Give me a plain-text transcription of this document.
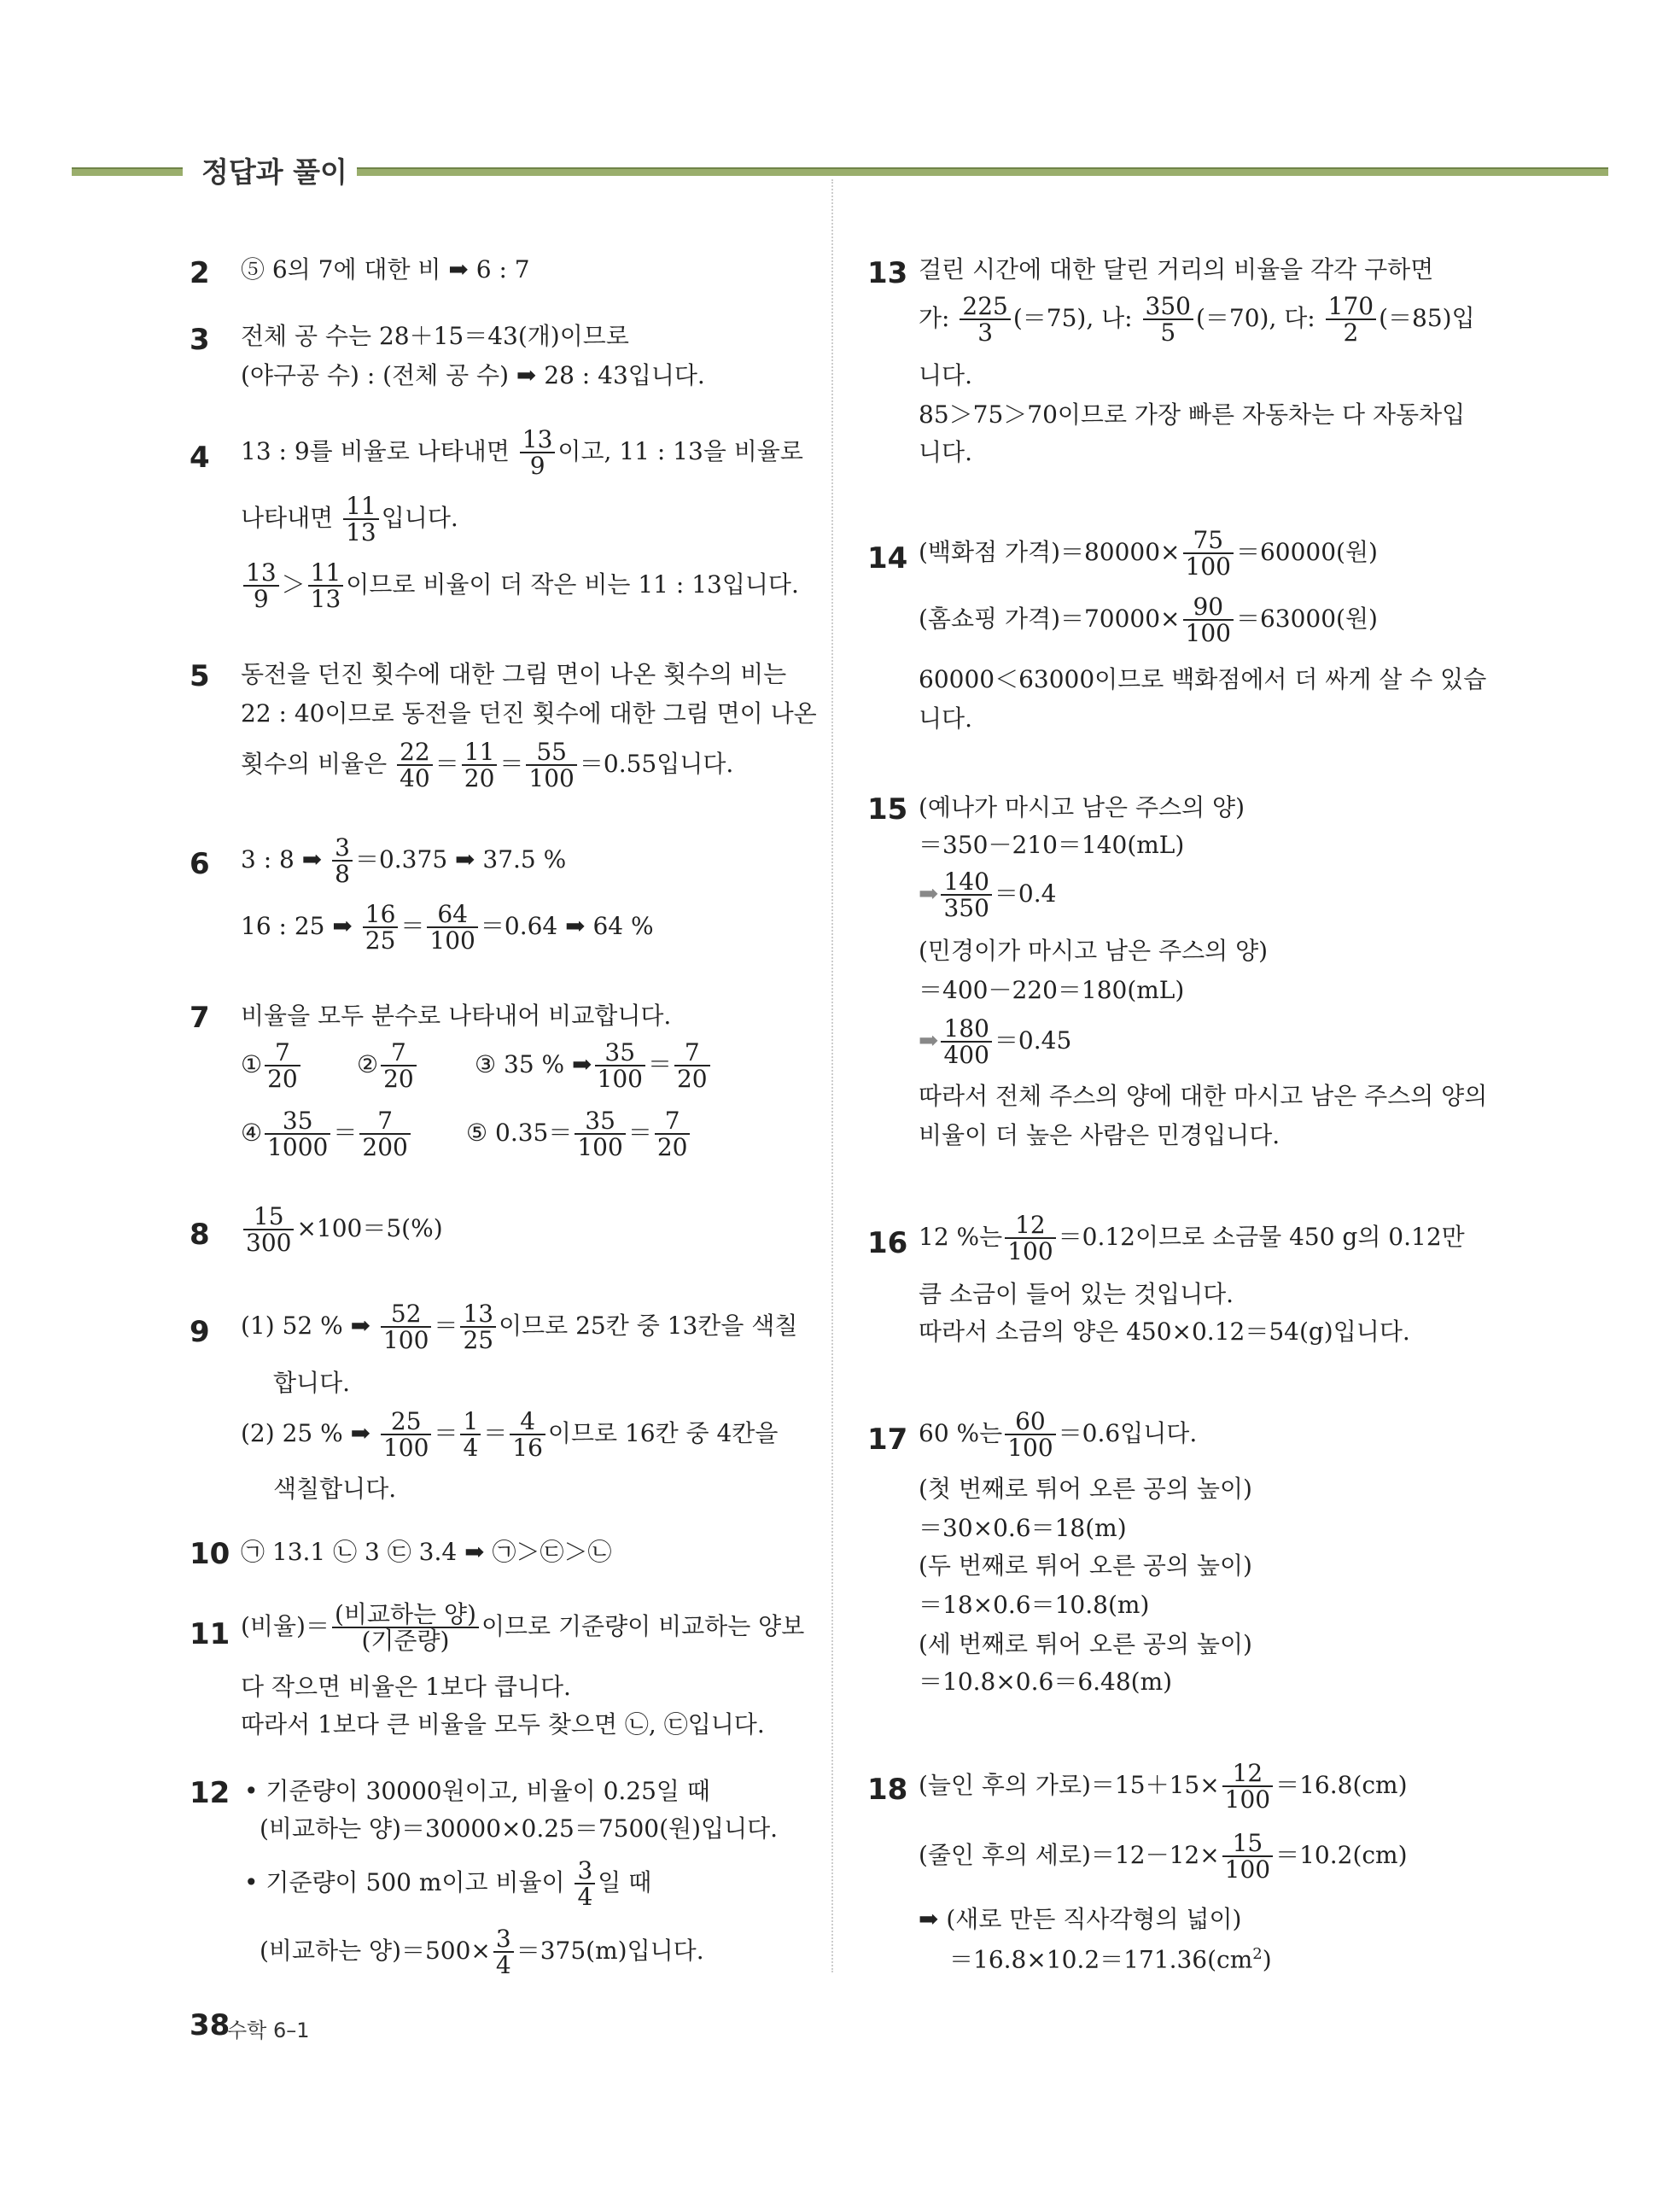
정답과 풀이
2 ⑤ 6의 7에 대한 비 ➡ 6 : 7
3 전체 공 수는 28＋15＝43(개)이므로
(야구공 수) : (전체 공 수) ➡ 28 : 43입니다.
4 13 : 9를 비율로 나타내면 $\frac{13}{9}$ 이고, 11 : 13을 비율로
나타내면 $\frac{11}{13}$ 입니다.
$\frac{13}{9} > \frac{11}{13}$ 이므로 비율이 더 작은 비는 11 : 13입니다.
5 동전을 던진 횟수에 대한 그림 면이 나온 횟수의 비는
22 : 40이므로 동전을 던진 횟수에 대한 그림 면이 나온
횟수의 비율은 $\frac{22}{40} = \frac{11}{20} = \frac{55}{100} =0.55$입니다.
6 3 : 8 ➡ $\frac{3}{8} =0.375$ ➡ 37.5 %
16 : 25 ➡ $\frac{16}{25} = \frac{64}{100} =0.64$ ➡ 64 %
7 비율을 모두 분수로 나타내어 비교합니다.
① $\frac{7}{20}$ ② $\frac{7}{20}$ ③ 35 % ➡ $\frac{35}{100} = \frac{7}{20}$
④ $\frac{35}{1000} = \frac{7}{200}$ ⑤ $0.35= \frac{35}{100} = \frac{7}{20}$
$8 \frac{15}{300} \times 100=5(\%)$
9 (1) 52 % ➡ $\frac{52}{100} = \frac{13}{25}$ 이므로 25칸 중 13칸을 색칠
합니다.
(2) 25 % ➡ $\frac{25}{100} = \frac{1}{4} = \frac{4}{16}$ 이므로 16칸 중 4칸을
색칠합니다.
10 ㉠ 13.1 ㉡ 3 ㉢ 3.4 ➡ ㉠＞㉢＞㉡
11 (비율)＝ $\frac{\text{(비교하는 양)}}{\text{(기준량)}}$ 이므로 기준량이 비교하는 양보
다 작으면 비율은 1보다 큽니다.
따라서 1보다 큰 비율을 모두 찾으면 ㉡, ㉢입니다.
12 • 기준량이 30000원이고, 비율이 0.25일 때
(비교하는 양)＝30000×0.25＝7500(원)입니다.
• 기준량이 500 m이고 비율이 $\frac{3}{4}$ 일 때
(비교하는 양)$=500\times \frac{3}{4} =375(m)$입니다.
13 걸린 시간에 대한 달린 거리의 비율을 각각 구하면
가: $\frac{225}{3} (=75)$, 나: $\frac{350}{5} (=70)$, 다: $\frac{170}{2} (=85)$입
니다.
85＞75＞70이므로 가장 빠른 자동차는 다 자동차입
니다.
14 (백화점 가격)$=80000\times \frac{75}{100} =60000$(원)
(홈쇼핑 가격)$=70000\times \frac{90}{100} =63000$(원)
60000＜63000이므로 백화점에서 더 싸게 살 수 있습
니다.
15 (예나가 마시고 남은 주스의 양)
＝350－210＝140(mL)
➡ $\frac{140}{350} =0.4$
(민경이가 마시고 남은 주스의 양)
＝400－220＝180(mL)
➡ $\frac{180}{400} =0.45$
따라서 전체 주스의 양에 대한 마시고 남은 주스의 양의
비율이 더 높은 사람은 민경입니다.
16 12 %는 $\frac{12}{100} =0.12$이므로 소금물 450 g의 0.12만
큼 소금이 들어 있는 것입니다.
따라서 소금의 양은 450×0.12＝54(g)입니다.
17 60 %는 $\frac{60}{100} =0.6$입니다.
(첫 번째로 튀어 오른 공의 높이)
＝30×0.6＝18(m)
(두 번째로 튀어 오른 공의 높이)
＝18×0.6＝10.8(m)
(세 번째로 튀어 오른 공의 높이)
＝10.8×0.6＝6.48(m)
18 (늘인 후의 가로)$=15+15\times \frac{12}{100} =16.8(cm)$
(줄인 후의 세로)$=12-12\times \frac{15}{100} =10.2(cm)$
➡ (새로 만든 직사각형의 넓이)
$=16.8\times 10.2=171.36(cm^2)$
38
수학 6–1
